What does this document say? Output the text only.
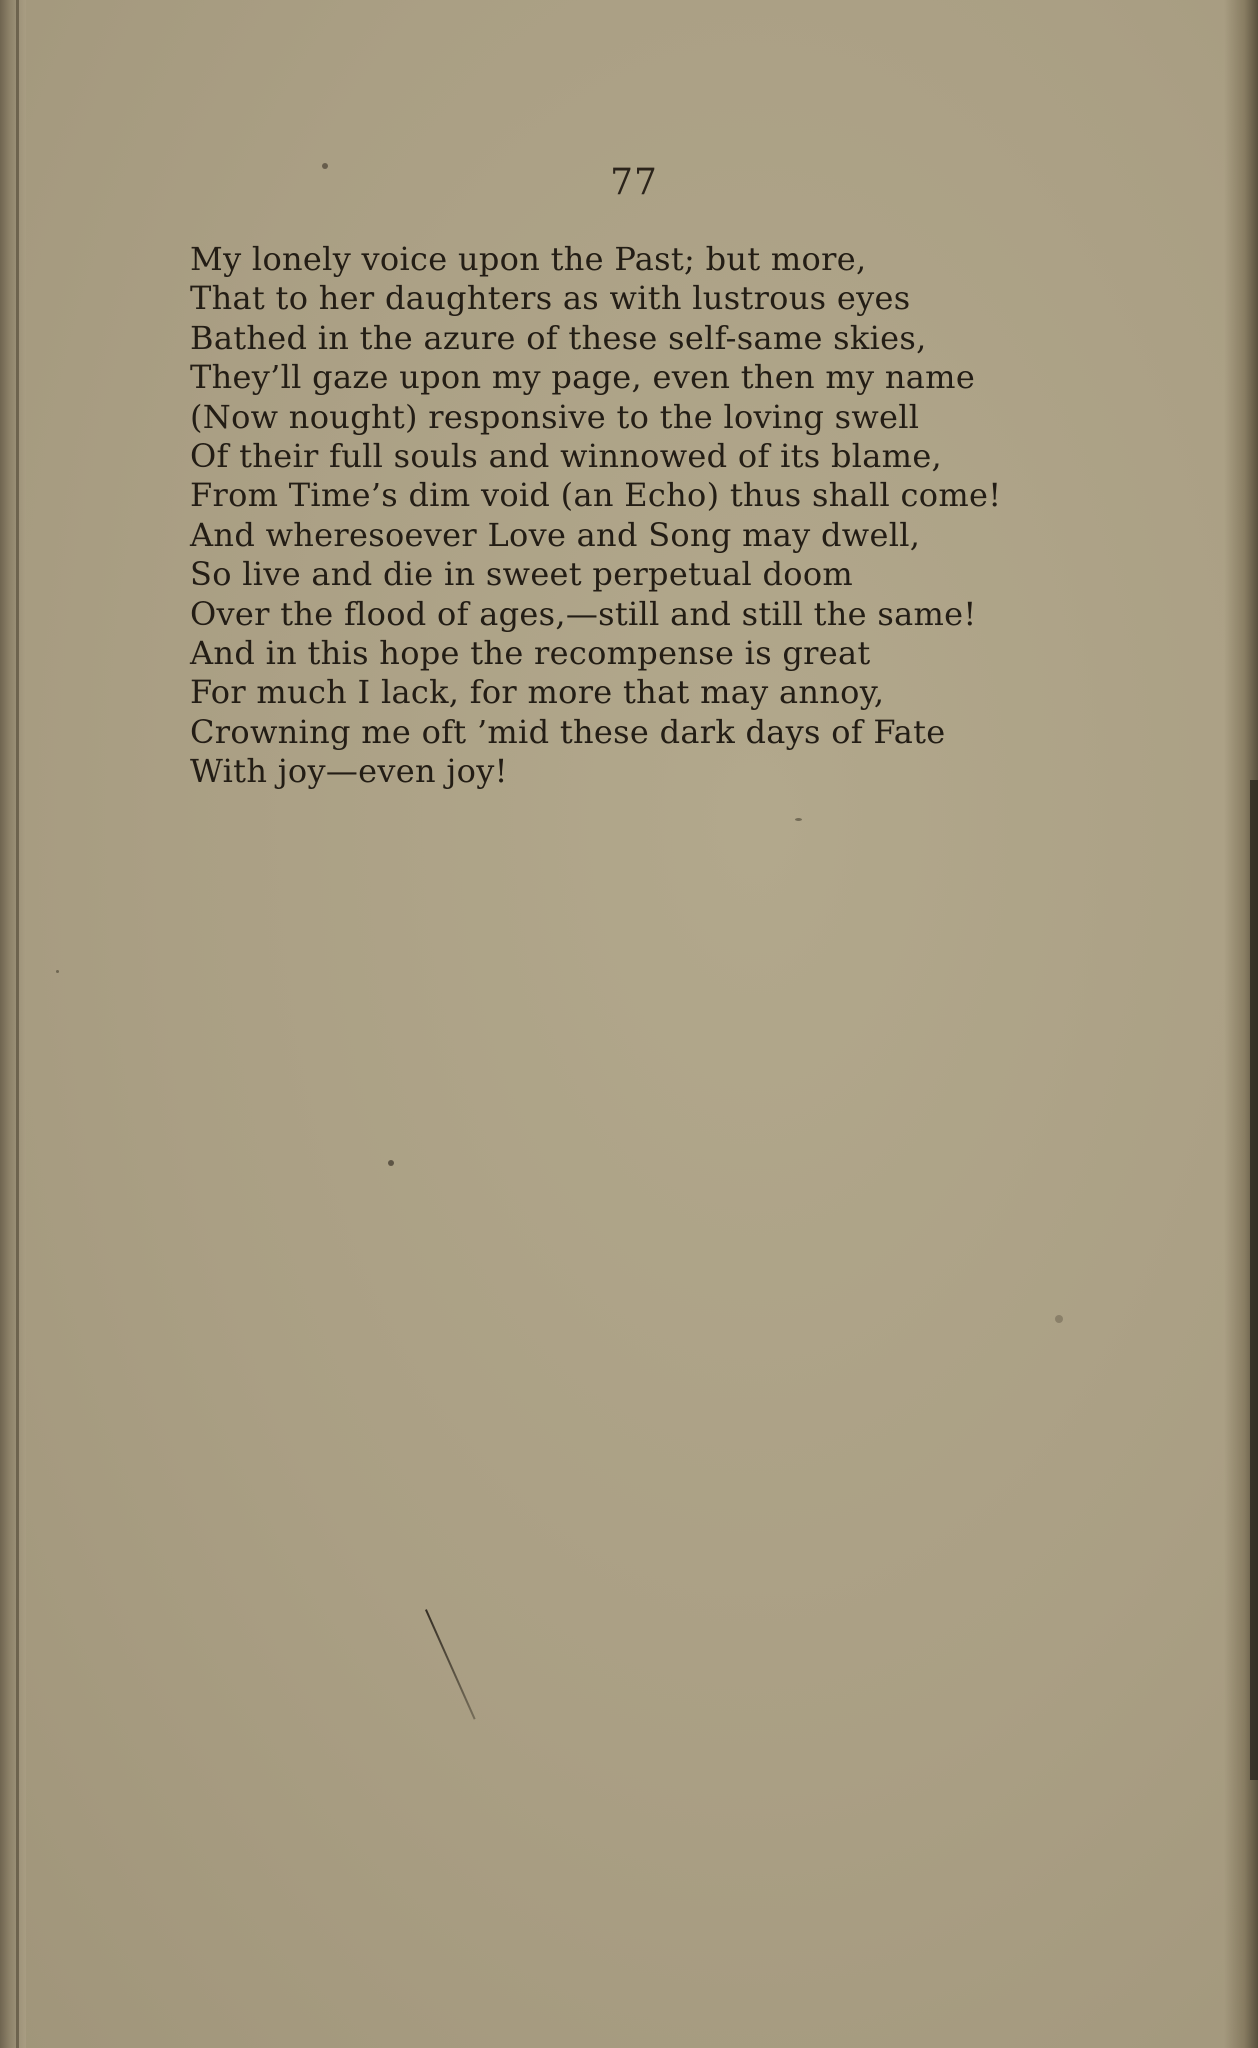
77
My lonely voice upon the Past; but more,
That to her daughters as with lustrous eyes
Bathed in the azure of these self-same skies,
They’ll gaze upon my page, even then my name
(Now nought) responsive to the loving swell
Of their full souls and winnowed of its blame,
From Time’s dim void (an Echo) thus shall come!
And wheresoever Love and Song may dwell,
So live and die in sweet perpetual doom
Over the flood of ages,—still and still the same!
And in this hope the recompense is great
For much I lack, for more that may annoy,
Crowning me oft ’mid these dark days of Fate
With joy—even joy!
